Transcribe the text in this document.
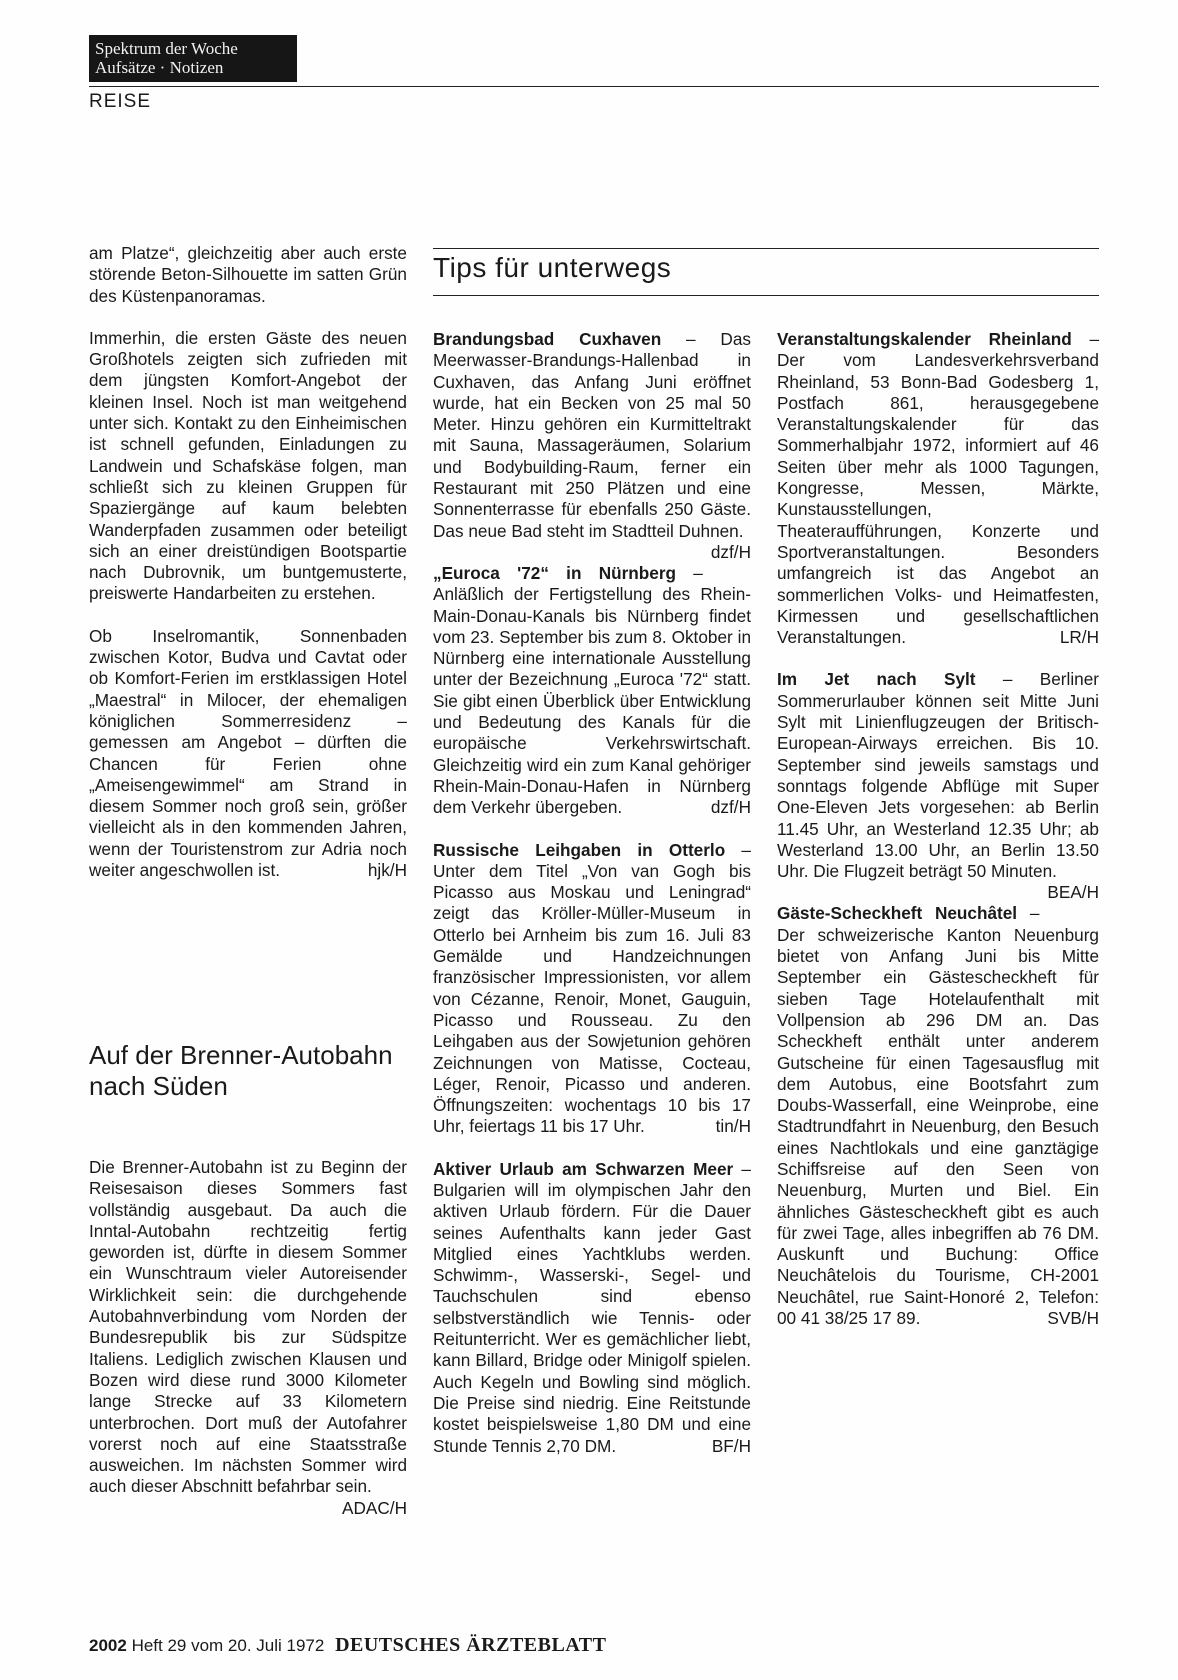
Spektrum der Woche
Aufsätze · Notizen
REISE

am Platze“, gleichzeitig aber auch erste störende Beton-Silhouette im satten Grün des Küstenpanoramas.

Immerhin, die ersten Gäste des neuen Großhotels zeigten sich zufrieden mit dem jüngsten Komfort-Angebot der kleinen Insel. Noch ist man weitgehend unter sich. Kontakt zu den Einheimischen ist schnell gefunden, Einladungen zu Landwein und Schafskäse folgen, man schließt sich zu kleinen Gruppen für Spaziergänge auf kaum belebten Wanderpfaden zusammen oder beteiligt sich an einer dreistündigen Bootspartie nach Dubrovnik, um buntgemusterte, preiswerte Handarbeiten zu erstehen.

Ob Inselromantik, Sonnenbaden zwischen Kotor, Budva und Cavtat oder ob Komfort-Ferien im erstklassigen Hotel „Maestral“ in Milocer, der ehemaligen königlichen Sommerresidenz – gemessen am Angebot – dürften die Chancen für Ferien ohne „Ameisengewimmel“ am Strand in diesem Sommer noch groß sein, größer vielleicht als in den kommenden Jahren, wenn der Touristenstrom zur Adria noch weiter angeschwollen ist.	hjk/H

Auf der Brenner-Autobahn nach Süden

Die Brenner-Autobahn ist zu Beginn der Reisesaison dieses Sommers fast vollständig ausgebaut. Da auch die Inntal-Autobahn rechtzeitig fertig geworden ist, dürfte in diesem Sommer ein Wunschtraum vieler Autoreisender Wirklichkeit sein: die durchgehende Autobahnverbindung vom Norden der Bundesrepublik bis zur Südspitze Italiens. Lediglich zwischen Klausen und Bozen wird diese rund 3000 Kilometer lange Strecke auf 33 Kilometern unterbrochen. Dort muß der Autofahrer vorerst noch auf eine Staatsstraße ausweichen. Im nächsten Sommer wird auch dieser Abschnitt befahrbar sein.
ADAC/H

Tips für unterwegs

Brandungsbad Cuxhaven – Das Meerwasser-Brandungs-Hallenbad in Cuxhaven, das Anfang Juni eröffnet wurde, hat ein Becken von 25 mal 50 Meter. Hinzu gehören ein Kurmitteltrakt mit Sauna, Massageräumen, Solarium und Bodybuilding-Raum, ferner ein Restaurant mit 250 Plätzen und eine Sonnenterrasse für ebenfalls 250 Gäste. Das neue Bad steht im Stadtteil Duhnen.
dzf/H

„Euroca '72“ in Nürnberg – Anläßlich der Fertigstellung des Rhein-Main-Donau-Kanals bis Nürnberg findet vom 23. September bis zum 8. Oktober in Nürnberg eine internationale Ausstellung unter der Bezeichnung „Euroca '72“ statt. Sie gibt einen Überblick über Entwicklung und Bedeutung des Kanals für die europäische Verkehrswirtschaft. Gleichzeitig wird ein zum Kanal gehöriger Rhein-Main-Donau-Hafen in Nürnberg dem Verkehr übergeben.	dzf/H

Russische Leihgaben in Otterlo – Unter dem Titel „Von van Gogh bis Picasso aus Moskau und Leningrad“ zeigt das Kröller-Müller-Museum in Otterlo bei Arnheim bis zum 16. Juli 83 Gemälde und Handzeichnungen französischer Impressionisten, vor allem von Cézanne, Renoir, Monet, Gauguin, Picasso und Rousseau. Zu den Leihgaben aus der Sowjetunion gehören Zeichnungen von Matisse, Cocteau, Léger, Renoir, Picasso und anderen. Öffnungszeiten: wochentags 10 bis 17 Uhr, feiertags 11 bis 17 Uhr.	tin/H

Aktiver Urlaub am Schwarzen Meer – Bulgarien will im olympischen Jahr den aktiven Urlaub fördern. Für die Dauer seines Aufenthalts kann jeder Gast Mitglied eines Yachtklubs werden. Schwimm-, Wasserski-, Segel- und Tauchschulen sind ebenso selbstverständlich wie Tennis- oder Reitunterricht. Wer es gemächlicher liebt, kann Billard, Bridge oder Minigolf spielen. Auch Kegeln und Bowling sind möglich. Die Preise sind niedrig. Eine Reitstunde kostet beispielsweise 1,80 DM und eine Stunde Tennis 2,70 DM.	BF/H

Veranstaltungskalender Rheinland – Der vom Landesverkehrsverband Rheinland, 53 Bonn-Bad Godesberg 1, Postfach 861, herausgegebene Veranstaltungskalender für das Sommerhalbjahr 1972, informiert auf 46 Seiten über mehr als 1000 Tagungen, Kongresse, Messen, Märkte, Kunstausstellungen, Theateraufführungen, Konzerte und Sportveranstaltungen. Besonders umfangreich ist das Angebot an sommerlichen Volks- und Heimatfesten, Kirmessen und gesellschaftlichen Veranstaltungen.	LR/H

Im Jet nach Sylt – Berliner Sommerurlauber können seit Mitte Juni Sylt mit Linienflugzeugen der Britisch-European-Airways erreichen. Bis 10. September sind jeweils samstags und sonntags folgende Abflüge mit Super One-Eleven Jets vorgesehen: ab Berlin 11.45 Uhr, an Westerland 12.35 Uhr; ab Westerland 13.00 Uhr, an Berlin 13.50 Uhr. Die Flugzeit beträgt 50 Minuten.
BEA/H

Gäste-Scheckheft Neuchâtel – Der schweizerische Kanton Neuenburg bietet von Anfang Juni bis Mitte September ein Gästescheckheft für sieben Tage Hotelaufenthalt mit Vollpension ab 296 DM an. Das Scheckheft enthält unter anderem Gutscheine für einen Tagesausflug mit dem Autobus, eine Bootsfahrt zum Doubs-Wasserfall, eine Weinprobe, eine Stadtrundfahrt in Neuenburg, den Besuch eines Nachtlokals und eine ganztägige Schiffsreise auf den Seen von Neuenburg, Murten und Biel. Ein ähnliches Gästescheckheft gibt es auch für zwei Tage, alles inbegriffen ab 76 DM. Auskunft und Buchung: Office Neuchâtelois du Tourisme, CH-2001 Neuchâtel, rue Saint-Honoré 2, Telefon: 00 41 38/25 17 89.	SVB/H

2002 Heft 29 vom 20. Juli 1972 DEUTSCHES ÄRZTEBLATT
